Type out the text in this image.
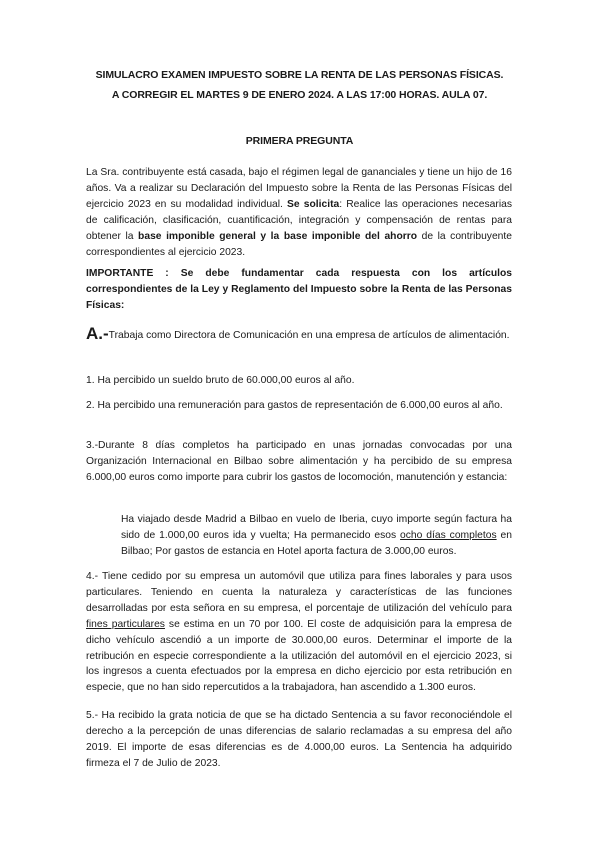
SIMULACRO EXAMEN IMPUESTO SOBRE LA RENTA DE LAS PERSONAS FÍSICAS.
A CORREGIR EL MARTES 9 DE ENERO 2024. A LAS 17:00 HORAS. AULA 07.
PRIMERA PREGUNTA
La Sra. contribuyente está casada, bajo el régimen legal de gananciales y tiene un hijo de 16 años. Va a realizar su Declaración del Impuesto sobre la Renta de las Personas Físicas del ejercicio 2023 en su modalidad individual. Se solicita: Realice las operaciones necesarias de calificación, clasificación, cuantificación, integración y compensación de rentas para obtener la base imponible general y la base imponible del ahorro de la contribuyente correspondientes al ejercicio 2023.
IMPORTANTE : Se debe fundamentar cada respuesta con los artículos correspondientes de la Ley y Reglamento del Impuesto sobre la Renta de las Personas Físicas:
A.-Trabaja como Directora de Comunicación en una empresa de artículos de alimentación.
1. Ha percibido un sueldo bruto de 60.000,00 euros al año.
2. Ha percibido una remuneración para gastos de representación de 6.000,00 euros al año.
3.-Durante 8 días completos ha participado en unas jornadas convocadas por una Organización Internacional en Bilbao sobre alimentación y ha percibido de su empresa 6.000,00 euros como importe para cubrir los gastos de locomoción, manutención y estancia:
Ha viajado desde Madrid a Bilbao en vuelo de Iberia, cuyo importe según factura ha sido de 1.000,00 euros ida y vuelta; Ha permanecido esos ocho días completos en Bilbao; Por gastos de estancia en Hotel aporta factura de 3.000,00 euros.
4.- Tiene cedido por su empresa un automóvil que utiliza para fines laborales y para usos particulares. Teniendo en cuenta la naturaleza y características de las funciones desarrolladas por esta señora en su empresa, el porcentaje de utilización del vehículo para fines particulares se estima en un 70 por 100. El coste de adquisición para la empresa de dicho vehículo ascendió a un importe de 30.000,00 euros. Determinar el importe de la retribución en especie correspondiente a la utilización del automóvil en el ejercicio 2023, si los ingresos a cuenta efectuados por la empresa en dicho ejercicio por esta retribución en especie, que no han sido repercutidos a la trabajadora, han ascendido a 1.300 euros.
5.- Ha recibido la grata noticia de que se ha dictado Sentencia a su favor reconociéndole el derecho a la percepción de unas diferencias de salario reclamadas a su empresa del año 2019. El importe de esas diferencias es de 4.000,00 euros. La Sentencia ha adquirido firmeza el 7 de Julio de 2023.
